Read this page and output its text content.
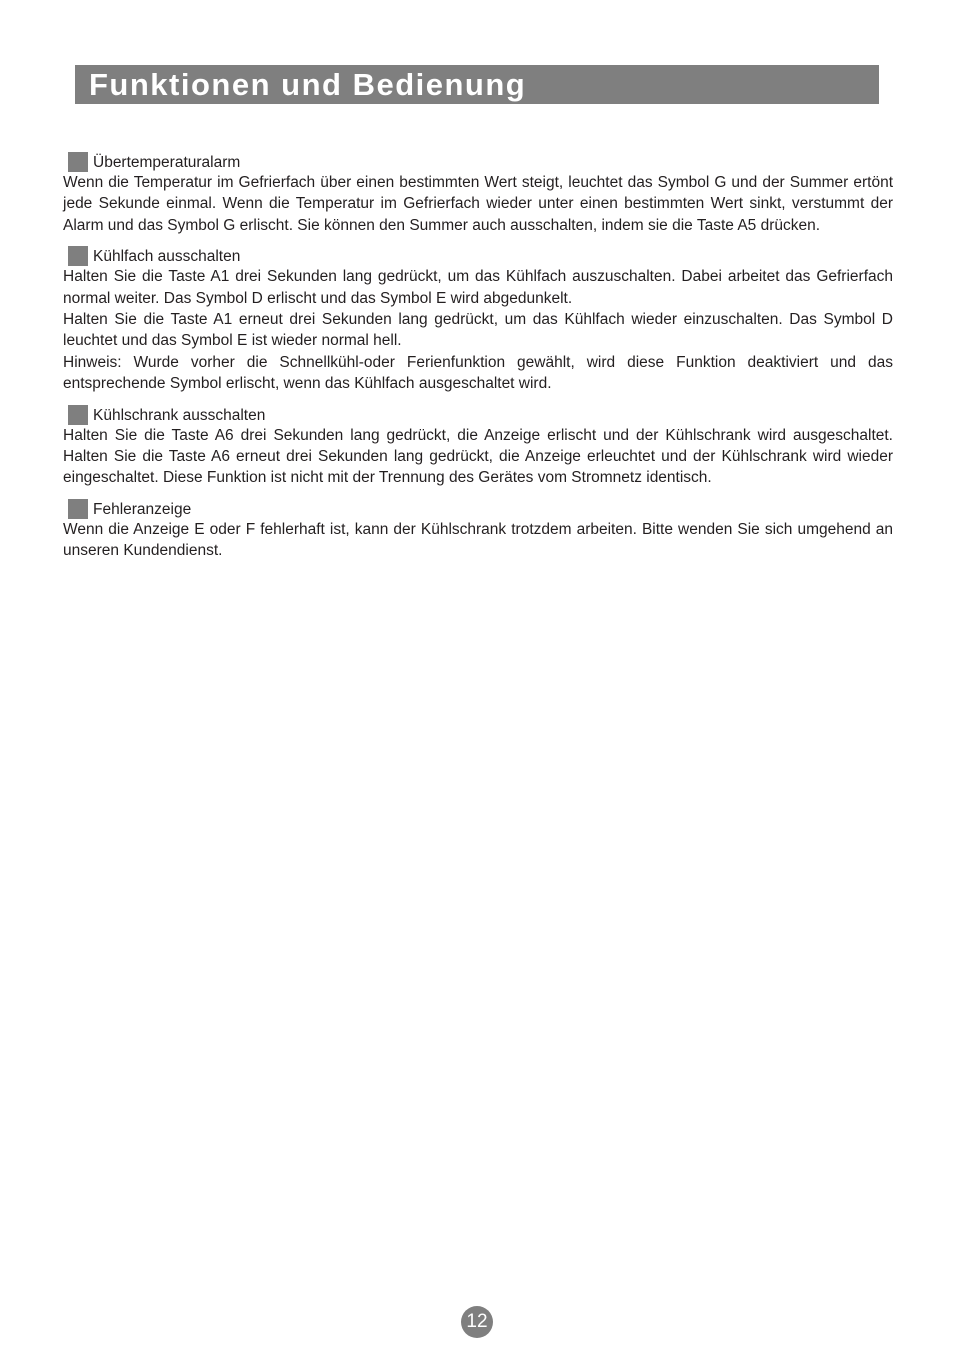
Funktionen und Bedienung
Übertemperaturalarm

Wenn die Temperatur im Gefrierfach über einen bestimmten Wert steigt, leuchtet das Symbol G und der Summer ertönt jede Sekunde einmal. Wenn die Temperatur im Gefrierfach wieder unter einen bestimmten Wert sinkt, verstummt der Alarm und das Symbol G erlischt. Sie können den Summer auch ausschalten, indem sie die Taste A5 drücken.

Kühlfach ausschalten

Halten Sie die Taste A1 drei Sekunden lang gedrückt, um das Kühlfach auszuschalten. Dabei arbeitet das Gefrierfach normal weiter. Das Symbol D erlischt und das Symbol E wird abgedunkelt.

Halten Sie die Taste A1 erneut drei Sekunden lang gedrückt, um das Kühlfach wieder einzuschalten. Das Symbol D leuchtet und das Symbol E ist wieder normal hell.

Hinweis: Wurde vorher die Schnellkühl-oder Ferienfunktion gewählt, wird diese Funktion deaktiviert und das entsprechende Symbol erlischt, wenn das Kühlfach ausgeschaltet wird.

Kühlschrank ausschalten

Halten Sie die Taste A6 drei Sekunden lang gedrückt, die Anzeige erlischt und der Kühlschrank wird ausgeschaltet. Halten Sie die Taste A6 erneut drei Sekunden lang gedrückt, die Anzeige erleuchtet und der Kühlschrank wird wieder eingeschaltet. Diese Funktion ist nicht mit der Trennung des Gerätes vom Stromnetz identisch.

Fehleranzeige

Wenn die Anzeige E oder F fehlerhaft ist, kann der Kühlschrank trotzdem arbeiten. Bitte wenden Sie sich umgehend an unseren Kundendienst.

12
